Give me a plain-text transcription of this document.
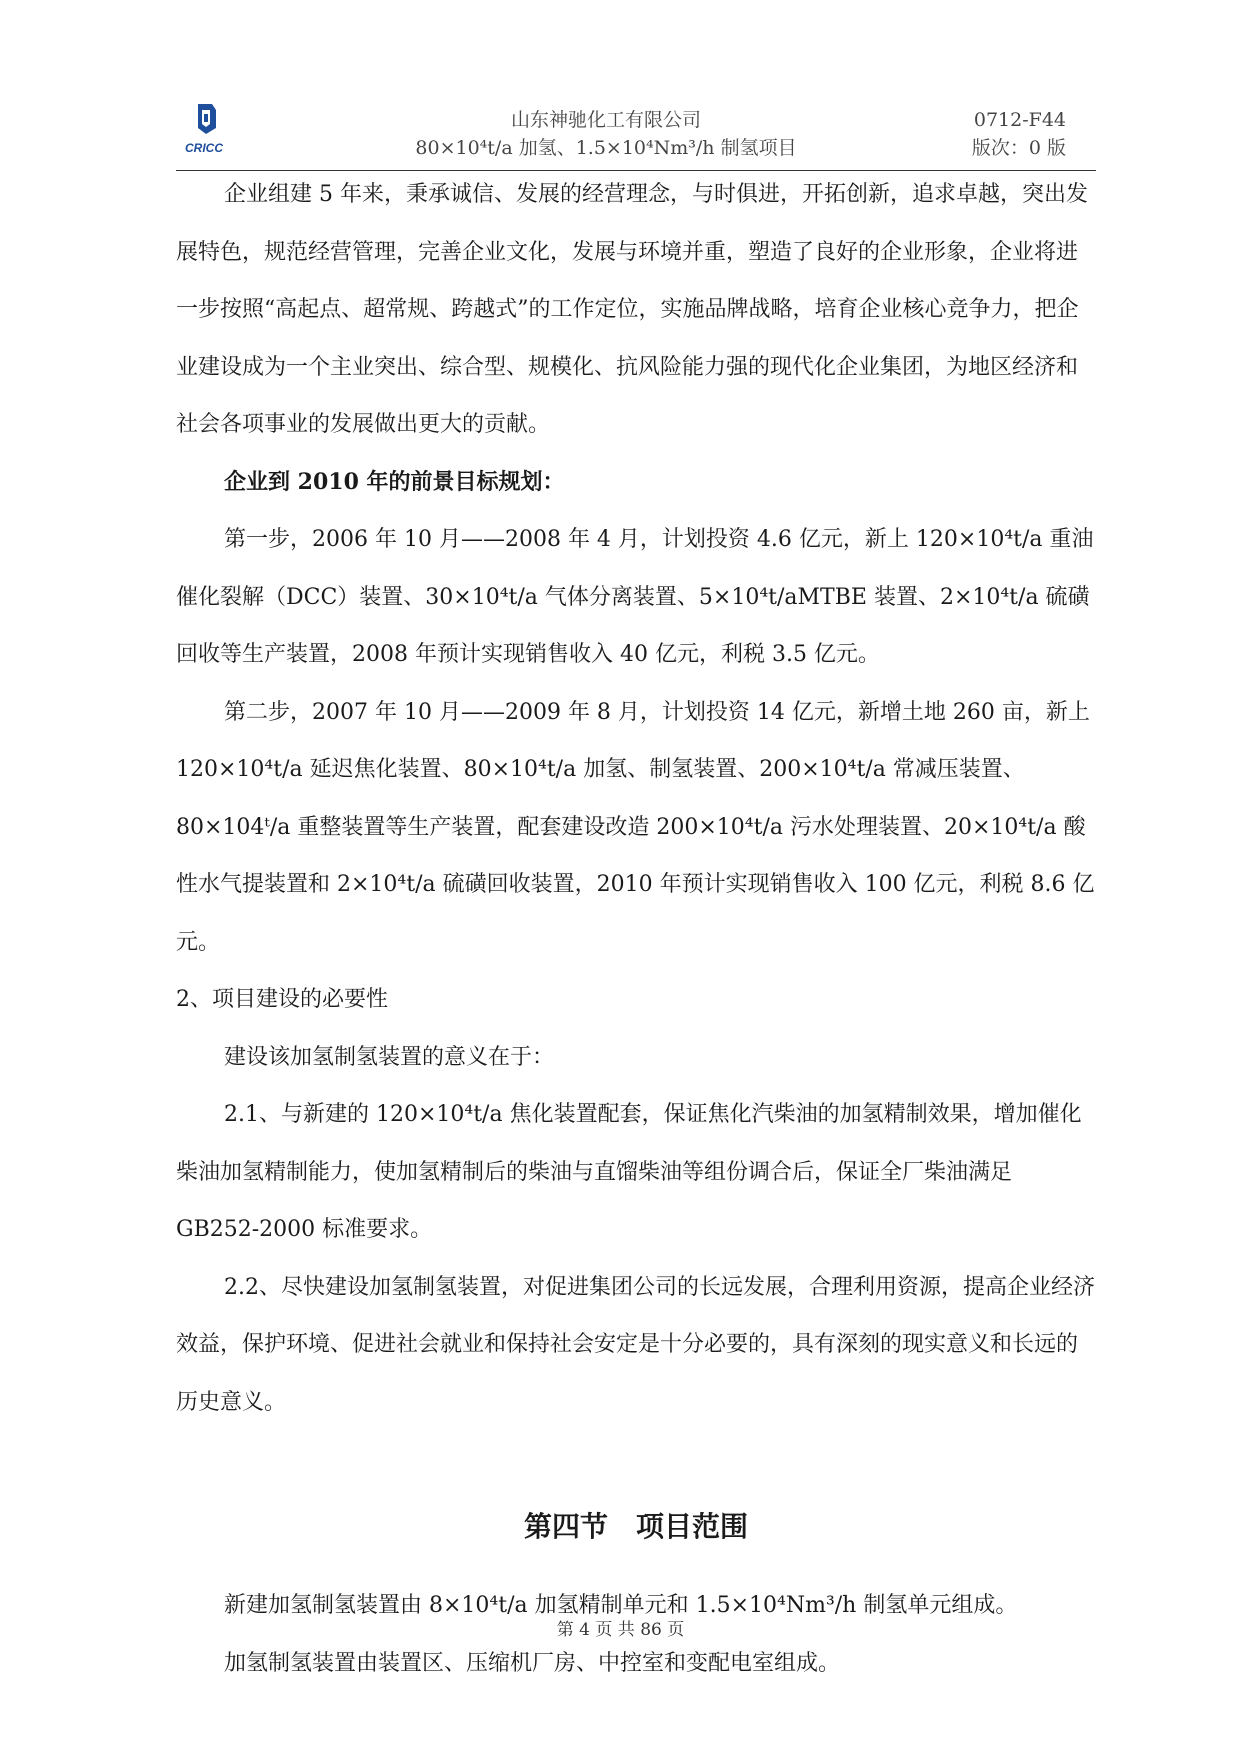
CRICC
山东神驰化工有限公司
80×10⁴t/a 加氢、1.5×10⁴Nm³/h 制氢项目
0712-F44
版次：0 版

企业组建 5 年来，秉承诚信、发展的经营理念，与时俱进，开拓创新，追求卓越，突出发展特色，规范经营管理，完善企业文化，发展与环境并重，塑造了良好的企业形象，企业将进一步按照“高起点、超常规、跨越式”的工作定位，实施品牌战略，培育企业核心竞争力，把企业建设成为一个主业突出、综合型、规模化、抗风险能力强的现代化企业集团，为地区经济和社会各项事业的发展做出更大的贡献。

企业到 2010 年的前景目标规划：

第一步，2006 年 10 月——2008 年 4 月，计划投资 4.6 亿元，新上 120×10⁴t/a 重油催化裂解（DCC）装置、30×10⁴t/a 气体分离装置、5×10⁴t/aMTBE 装置、2×10⁴t/a 硫磺回收等生产装置，2008 年预计实现销售收入 40 亿元，利税 3.5 亿元。

第二步，2007 年 10 月——2009 年 8 月，计划投资 14 亿元，新增土地 260 亩，新上 120×10⁴t/a 延迟焦化装置、80×10⁴t/a 加氢、制氢装置、200×10⁴t/a 常减压装置、80×104ᵗ/a 重整装置等生产装置，配套建设改造 200×10⁴t/a 污水处理装置、20×10⁴t/a 酸性水气提装置和 2×10⁴t/a 硫磺回收装置，2010 年预计实现销售收入 100 亿元，利税 8.6 亿元。

2、项目建设的必要性

建设该加氢制氢装置的意义在于：

2.1、与新建的 120×10⁴t/a 焦化装置配套，保证焦化汽柴油的加氢精制效果，增加催化柴油加氢精制能力，使加氢精制后的柴油与直馏柴油等组份调合后，保证全厂柴油满足 GB252-2000 标准要求。

2.2、尽快建设加氢制氢装置，对促进集团公司的长远发展，合理利用资源，提高企业经济效益，保护环境、促进社会就业和保持社会安定是十分必要的，具有深刻的现实意义和长远的历史意义。

第四节　项目范围

新建加氢制氢装置由 8×10⁴t/a 加氢精制单元和 1.5×10⁴Nm³/h 制氢单元组成。

加氢制氢装置由装置区、压缩机厂房、中控室和变配电室组成。

第 4 页 共 86 页
